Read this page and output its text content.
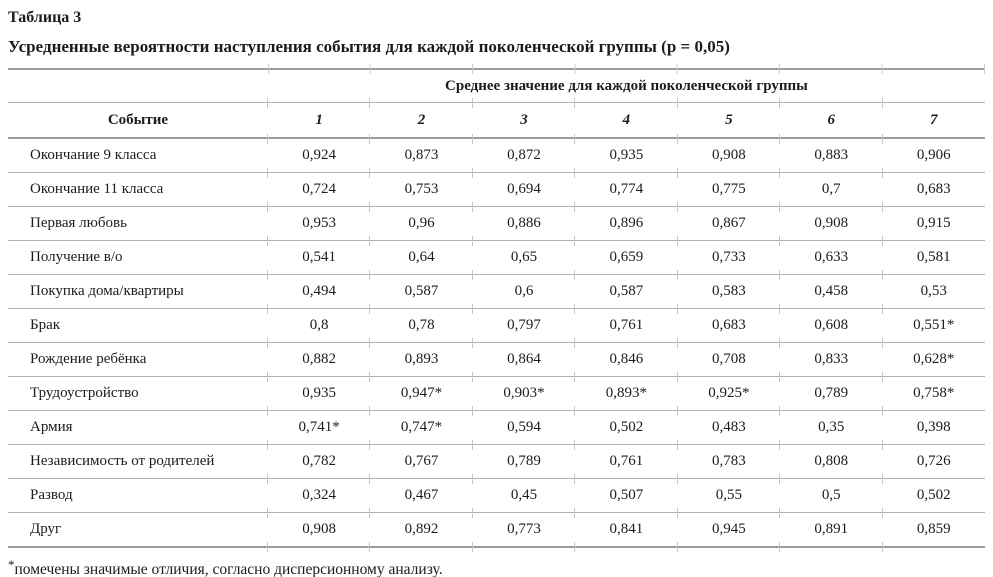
Таблица 3

Усредненные вероятности наступления события для каждой поколенческой группы (p = 0,05)

	Среднее значение для каждой поколенческой группы						
Событие	1	2	3	4	5	6	7
Окончание 9 класса	0,924	0,873	0,872	0,935	0,908	0,883	0,906
Окончание 11 класса	0,724	0,753	0,694	0,774	0,775	0,7	0,683
Первая любовь	0,953	0,96	0,886	0,896	0,867	0,908	0,915
Получение в/о	0,541	0,64	0,65	0,659	0,733	0,633	0,581
Покупка дома/квартиры	0,494	0,587	0,6	0,587	0,583	0,458	0,53
Брак	0,8	0,78	0,797	0,761	0,683	0,608	0,551*
Рождение ребёнка	0,882	0,893	0,864	0,846	0,708	0,833	0,628*
Трудоустройство	0,935	0,947*	0,903*	0,893*	0,925*	0,789	0,758*
Армия	0,741*	0,747*	0,594	0,502	0,483	0,35	0,398
Независимость от родителей	0,782	0,767	0,789	0,761	0,783	0,808	0,726
Развод	0,324	0,467	0,45	0,507	0,55	0,5	0,502
Друг	0,908	0,892	0,773	0,841	0,945	0,891	0,859

*помечены значимые отличия, согласно дисперсионному анализу.
